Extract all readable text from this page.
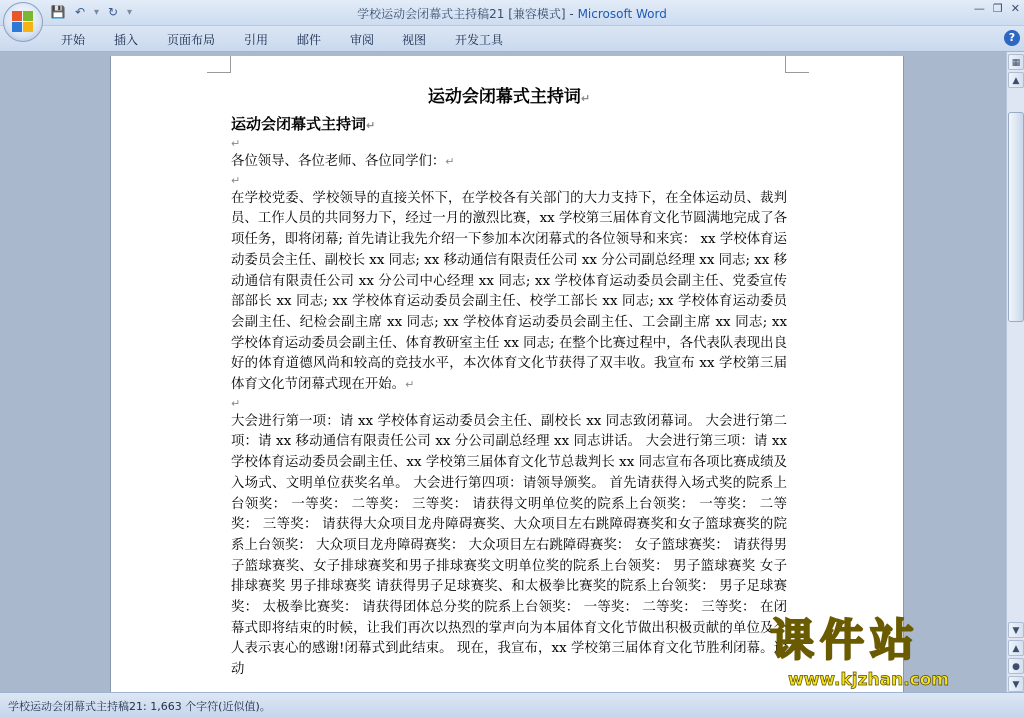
💾 ↶ ▾ ↻ ▾	学校运动会闭幕式主持稿21 [兼容模式] - Microsoft Word	— ❐ ✕
开始 插入 页面布局 引用 邮件 审阅 视图 开发工具	?
运动会闭幕式主持词↵
运动会闭幕式主持词↵
↵
各位领导、各位老师、各位同学们：↵
↵
在学校党委、学校领导的直接关怀下，在学校各有关部门的大力支持下，在全体运动员、裁判员、工作人员的共同努力下，经过一月的激烈比赛，xx 学校第三届体育文化节圆满地完成了各项任务，即将闭幕; 首先请让我先介绍一下参加本次闭幕式的各位领导和来宾： xx 学校体育运动委员会主任、副校长 xx 同志; xx 移动通信有限责任公司 xx 分公司副总经理 xx 同志; xx 移动通信有限责任公司 xx 分公司中心经理 xx 同志; xx 学校体育运动委员会副主任、党委宣传部部长 xx 同志; xx 学校体育运动委员会副主任、校学工部长 xx 同志; xx 学校体育运动委员会副主任、纪检会副主席 xx 同志; xx 学校体育运动委员会副主任、工会副主席 xx 同志; xx 学校体育运动委员会副主任、体育教研室主任 xx 同志; 在整个比赛过程中，各代表队表现出良好的体育道德风尚和较高的竞技水平，本次体育文化节获得了双丰收。我宣布 xx 学校第三届体育文化节闭幕式现在开始。↵
↵
大会进行第一项：请 xx 学校体育运动委员会主任、副校长 xx 同志致闭幕词。 大会进行第二项：请 xx 移动通信有限责任公司 xx 分公司副总经理 xx 同志讲话。 大会进行第三项：请 xx 学校体育运动委员会副主任、xx 学校第三届体育文化节总裁判长 xx 同志宣布各项比赛成绩及入场式、文明单位获奖名单。 大会进行第四项：请领导颁奖。 首先请获得入场式奖的院系上台领奖： 一等奖： 二等奖： 三等奖： 请获得文明单位奖的院系上台领奖： 一等奖： 二等奖： 三等奖： 请获得大众项目龙舟障碍赛奖、大众项目左右跳障碍赛奖和女子篮球赛奖的院系上台领奖： 大众项目龙舟障碍赛奖： 大众项目左右跳障碍赛奖： 女子篮球赛奖： 请获得男子篮球赛奖、女子排球赛奖和男子排球赛奖文明单位奖的院系上台领奖： 男子篮球赛奖 女子排球赛奖 男子排球赛奖 请获得男子足球赛奖、和太极拳比赛奖的院系上台领奖： 男子足球赛奖： 太极拳比赛奖： 请获得团体总分奖的院系上台领奖： 一等奖： 二等奖： 三等奖： 在闭幕式即将结束的时候，让我们再次以热烈的掌声向为本届体育文化节做出积极贡献的单位及个人表示衷心的感谢!闭幕式到此结束。 现在，我宣布，xx 学校第三届体育文化节胜利闭幕。运动
▦
▲
▼
▲
●
▼
学校运动会闭幕式主持稿21: 1,663 个字符(近似值)。
课件站
www.kjzhan.com
